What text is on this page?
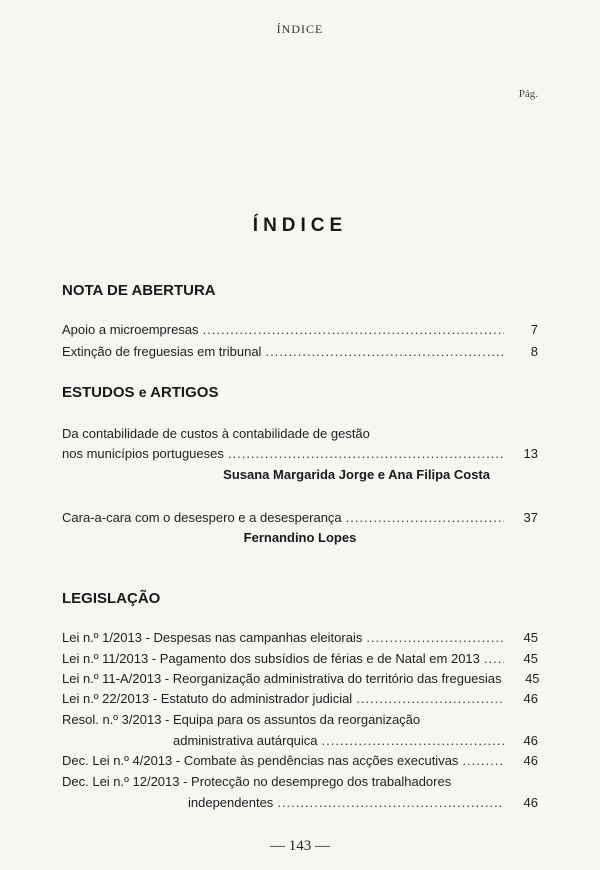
ÍNDICE
Pág.
ÍNDICE
NOTA DE ABERTURA
Apoio a microempresas .....	7
Extinção de freguesias em tribunal .....	8
ESTUDOS e ARTIGOS
Da contabilidade de custos à contabilidade de gestão
nos municípios portugueses .....	13
Susana Margarida Jorge e Ana Filipa Costa
Cara-a-cara com o desespero e a desesperança .....	37
Fernandino Lopes
LEGISLAÇÃO
Lei n.º 1/2013 - Despesas nas campanhas eleitorais .....	45
Lei n.º 11/2013 - Pagamento dos subsídios de férias e de Natal em 2013 .....	45
Lei n.º 11-A/2013 - Reorganização administrativa do território das freguesias	45
Lei n.º 22/2013 - Estatuto do administrador judicial .....	46
Resol. n.º 3/2013 - Equipa para os assuntos da reorganização
administrativa autárquica .....	46
Dec. Lei n.º 4/2013 - Combate às pendências nas acções executivas .....	46
Dec. Lei n.º 12/2013 - Protecção no desemprego dos trabalhadores
independentes .....	46
— 143 —
